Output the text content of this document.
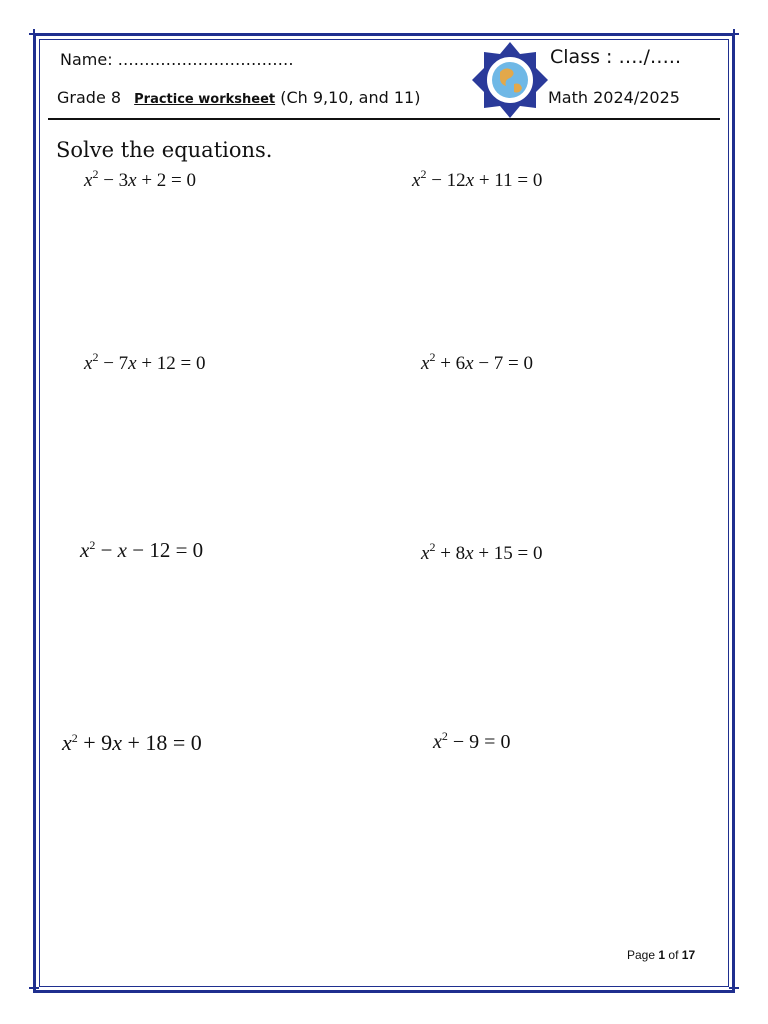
Name: ……………………………	Class : …./…..
Grade 8 Practice worksheet (Ch 9,10, and 11)	Math 2024/2025
Solve the equations.
$x^2 - 3x + 2 = 0$	$x^2 - 12x + 11 = 0$
$x^2 - 7x + 12 = 0$	$x^2 + 6x - 7 = 0$
$x^2 - x - 12 = 0$	$x^2 + 8x + 15 = 0$
$x^2 + 9x + 18 = 0$	$x^2 - 9 = 0$
Page 1 of 17
